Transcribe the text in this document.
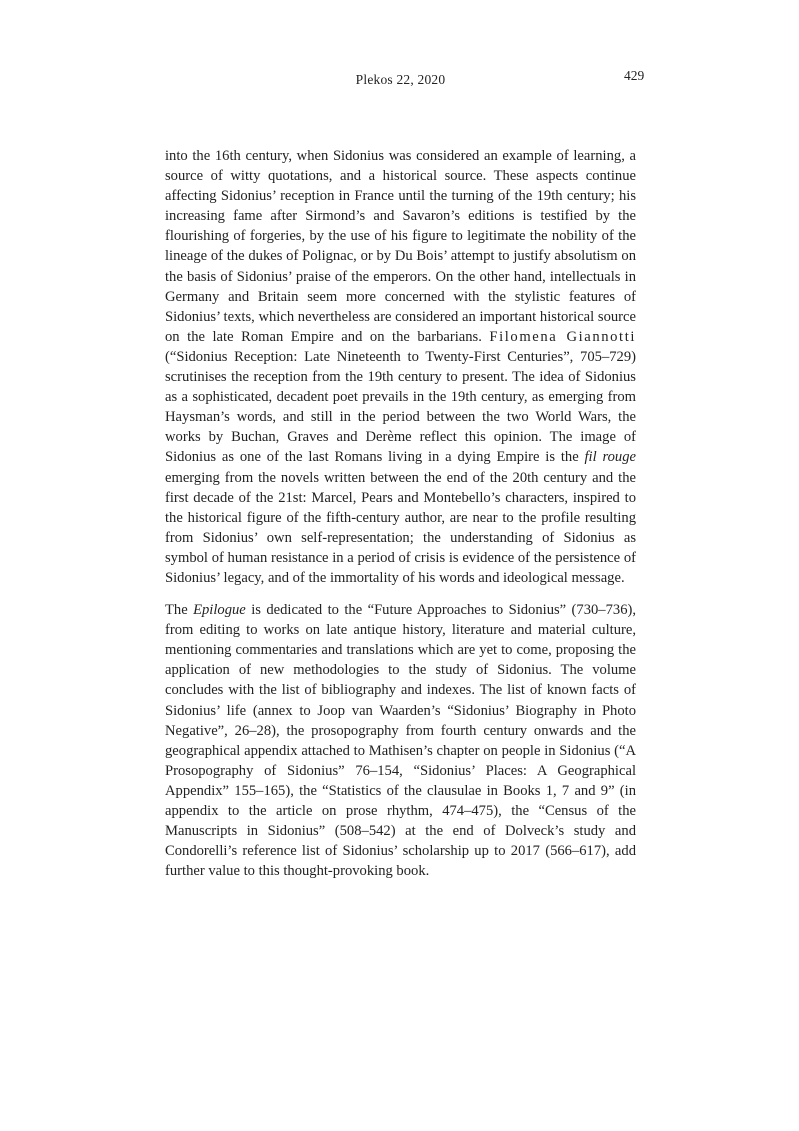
Plekos 22, 2020	429

into the 16th century, when Sidonius was considered an example of learning, a source of witty quotations, and a historical source. These aspects continue affecting Sidonius’ reception in France until the turning of the 19th century; his increasing fame after Sirmond’s and Savaron’s editions is testified by the flourishing of forgeries, by the use of his figure to legitimate the nobility of the lineage of the dukes of Polignac, or by Du Bois’ attempt to justify absolutism on the basis of Sidonius’ praise of the emperors. On the other hand, intellectuals in Germany and Britain seem more concerned with the stylistic features of Sidonius’ texts, which nevertheless are considered an important historical source on the late Roman Empire and on the barbarians. Filomena Giannotti (“Sidonius Reception: Late Nineteenth to Twenty-First Centuries”, 705–729) scrutinises the reception from the 19th century to present. The idea of Sidonius as a sophisticated, decadent poet prevails in the 19th century, as emerging from Haysman’s words, and still in the period between the two World Wars, the works by Buchan, Graves and Derème reflect this opinion. The image of Sidonius as one of the last Romans living in a dying Empire is the fil rouge emerging from the novels written between the end of the 20th century and the first decade of the 21st: Marcel, Pears and Montebello’s characters, inspired to the historical figure of the fifth-century author, are near to the profile resulting from Sidonius’ own self-representation; the understanding of Sidonius as symbol of human resistance in a period of crisis is evidence of the persistence of Sidonius’ legacy, and of the immortality of his words and ideological message.

The Epilogue is dedicated to the “Future Approaches to Sidonius” (730–736), from editing to works on late antique history, literature and material culture, mentioning commentaries and translations which are yet to come, proposing the application of new methodologies to the study of Sidonius. The volume concludes with the list of bibliography and indexes. The list of known facts of Sidonius’ life (annex to Joop van Waarden’s “Sidonius’ Biography in Photo Negative”, 26–28), the prosopography from fourth century onwards and the geographical appendix attached to Mathisen’s chapter on people in Sidonius (“A Prosopography of Sidonius” 76–154, “Sidonius’ Places: A Geographical Appendix” 155–165), the “Statistics of the clausulae in Books 1, 7 and 9” (in appendix to the article on prose rhythm, 474–475), the “Census of the Manuscripts in Sidonius” (508–542) at the end of Dolveck’s study and Condorelli’s reference list of Sidonius’ scholarship up to 2017 (566–617), add further value to this thought-provoking book.
